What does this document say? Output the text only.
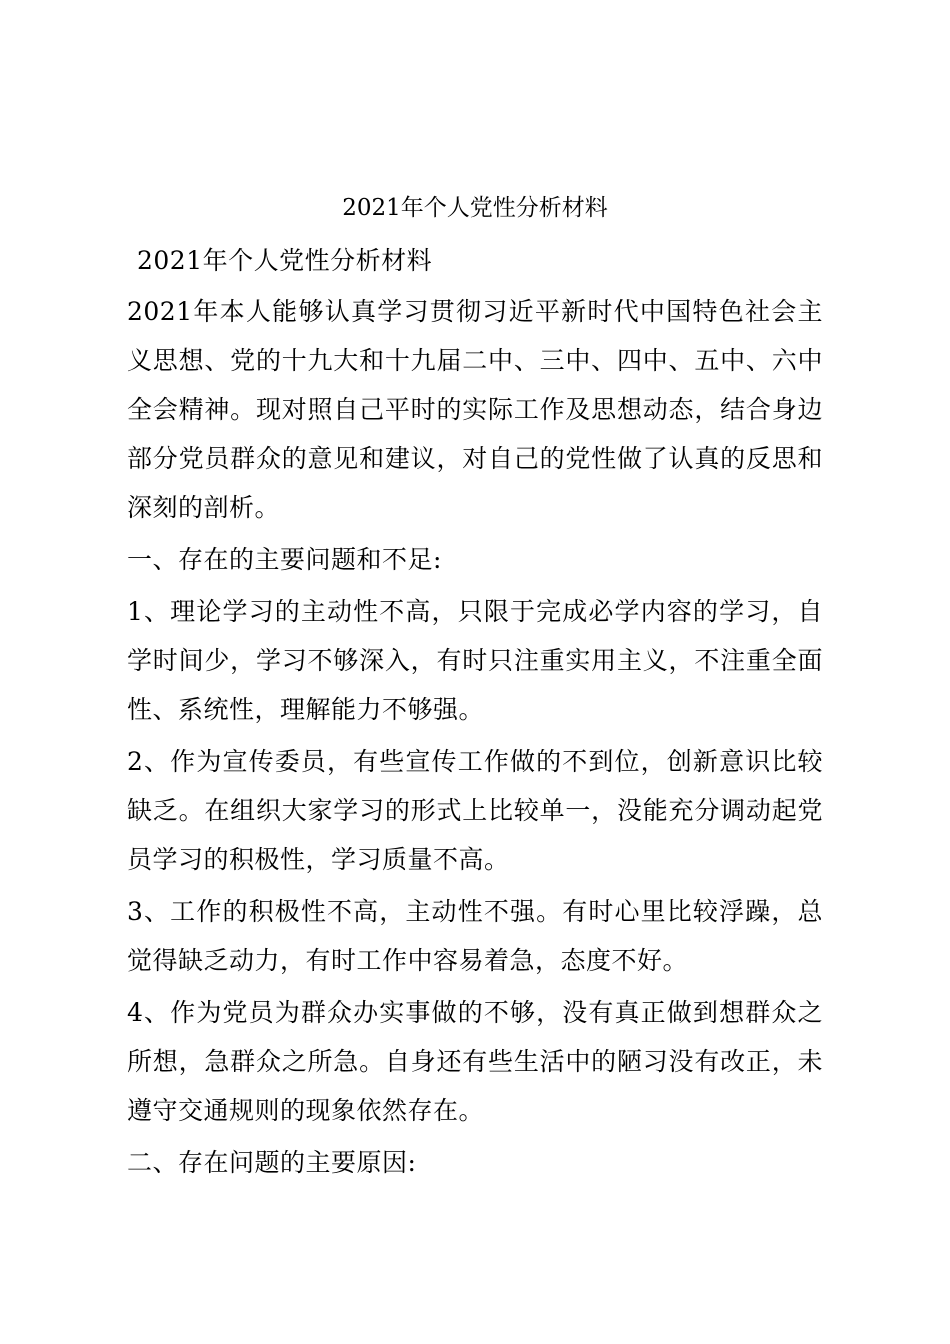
2021年个人党性分析材料

2021年个人党性分析材料

2021年本人能够认真学习贯彻习近平新时代中国特色社会主义思想、党的十九大和十九届二中、三中、四中、五中、六中全会精神。现对照自己平时的实际工作及思想动态，结合身边部分党员群众的意见和建议，对自己的党性做了认真的反思和深刻的剖析。

一、存在的主要问题和不足:

1、理论学习的主动性不高，只限于完成必学内容的学习，自学时间少，学习不够深入，有时只注重实用主义，不注重全面性、系统性，理解能力不够强。

2、作为宣传委员，有些宣传工作做的不到位，创新意识比较缺乏。在组织大家学习的形式上比较单一，没能充分调动起党员学习的积极性，学习质量不高。

3、工作的积极性不高，主动性不强。有时心里比较浮躁，总觉得缺乏动力，有时工作中容易着急，态度不好。

4、作为党员为群众办实事做的不够，没有真正做到想群众之所想，急群众之所急。自身还有些生活中的陋习没有改正，未遵守交通规则的现象依然存在。

二、存在问题的主要原因:
